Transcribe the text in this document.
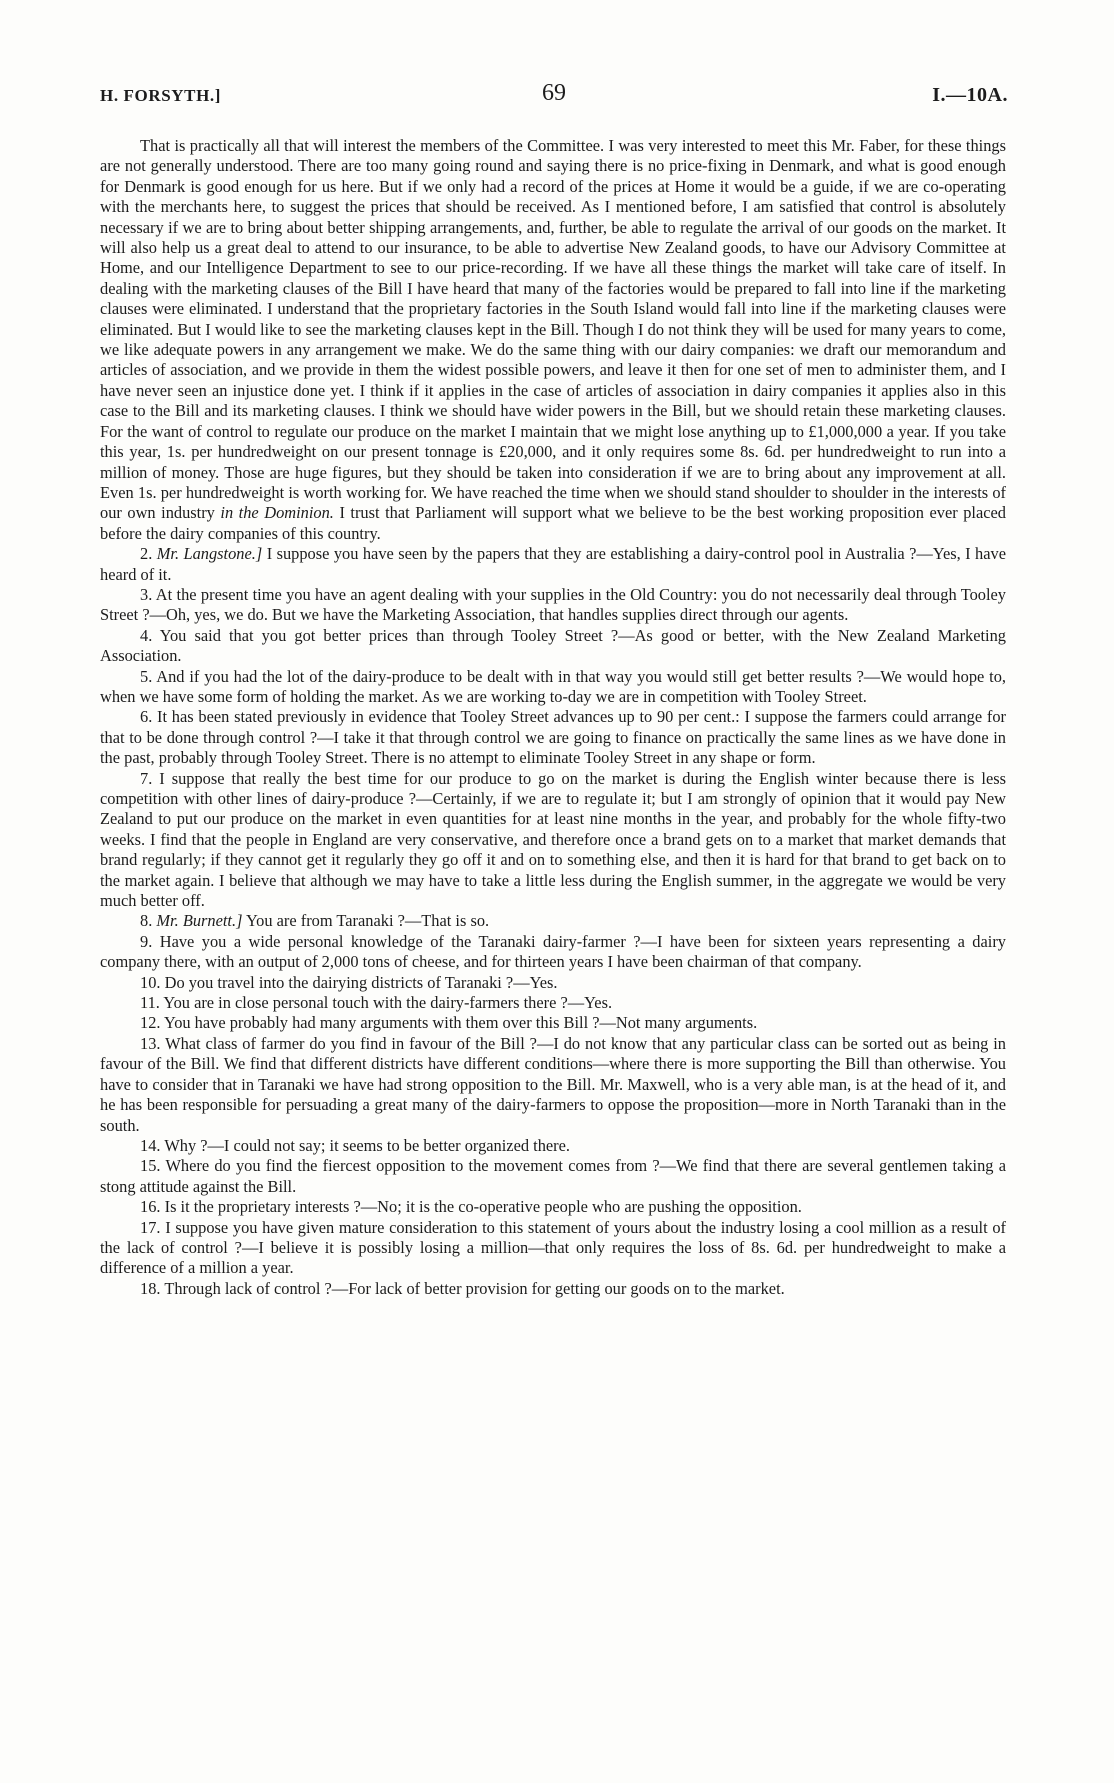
H. FORSYTH.]	69	I.—10A.

That is practically all that will interest the members of the Committee. I was very interested to meet this Mr. Faber, for these things are not generally understood. There are too many going round and saying there is no price-fixing in Denmark, and what is good enough for Denmark is good enough for us here. But if we only had a record of the prices at Home it would be a guide, if we are co-operating with the merchants here, to suggest the prices that should be received. As I mentioned before, I am satisfied that control is absolutely necessary if we are to bring about better shipping arrangements, and, further, be able to regulate the arrival of our goods on the market. It will also help us a great deal to attend to our insurance, to be able to advertise New Zealand goods, to have our Advisory Committee at Home, and our Intelligence Department to see to our price-recording. If we have all these things the market will take care of itself. In dealing with the marketing clauses of the Bill I have heard that many of the factories would be prepared to fall into line if the marketing clauses were eliminated. I understand that the proprietary factories in the South Island would fall into line if the marketing clauses were eliminated. But I would like to see the marketing clauses kept in the Bill. Though I do not think they will be used for many years to come, we like adequate powers in any arrangement we make. We do the same thing with our dairy companies: we draft our memorandum and articles of association, and we provide in them the widest possible powers, and leave it then for one set of men to administer them, and I have never seen an injustice done yet. I think if it applies in the case of articles of association in dairy companies it applies also in this case to the Bill and its marketing clauses. I think we should have wider powers in the Bill, but we should retain these marketing clauses. For the want of control to regulate our produce on the market I maintain that we might lose anything up to £1,000,000 a year. If you take this year, 1s. per hundredweight on our present tonnage is £20,000, and it only requires some 8s. 6d. per hundredweight to run into a million of money. Those are huge figures, but they should be taken into consideration if we are to bring about any improvement at all. Even 1s. per hundredweight is worth working for. We have reached the time when we should stand shoulder to shoulder in the interests of our own industry in the Dominion. I trust that Parliament will support what we believe to be the best working proposition ever placed before the dairy companies of this country.

2. Mr. Langstone.] I suppose you have seen by the papers that they are establishing a dairy-control pool in Australia ?—Yes, I have heard of it.

3. At the present time you have an agent dealing with your supplies in the Old Country: you do not necessarily deal through Tooley Street ?—Oh, yes, we do. But we have the Marketing Association, that handles supplies direct through our agents.

4. You said that you got better prices than through Tooley Street ?—As good or better, with the New Zealand Marketing Association.

5. And if you had the lot of the dairy-produce to be dealt with in that way you would still get better results ?—We would hope to, when we have some form of holding the market. As we are working to-day we are in competition with Tooley Street.

6. It has been stated previously in evidence that Tooley Street advances up to 90 per cent.: I suppose the farmers could arrange for that to be done through control ?—I take it that through control we are going to finance on practically the same lines as we have done in the past, probably through Tooley Street. There is no attempt to eliminate Tooley Street in any shape or form.

7. I suppose that really the best time for our produce to go on the market is during the English winter because there is less competition with other lines of dairy-produce ?—Certainly, if we are to regulate it; but I am strongly of opinion that it would pay New Zealand to put our produce on the market in even quantities for at least nine months in the year, and probably for the whole fifty-two weeks. I find that the people in England are very conservative, and therefore once a brand gets on to a market that market demands that brand regularly; if they cannot get it regularly they go off it and on to something else, and then it is hard for that brand to get back on to the market again. I believe that although we may have to take a little less during the English summer, in the aggregate we would be very much better off.

8. Mr. Burnett.] You are from Taranaki ?—That is so.

9. Have you a wide personal knowledge of the Taranaki dairy-farmer ?—I have been for sixteen years representing a dairy company there, with an output of 2,000 tons of cheese, and for thirteen years I have been chairman of that company.

10. Do you travel into the dairying districts of Taranaki ?—Yes.

11. You are in close personal touch with the dairy-farmers there ?—Yes.

12. You have probably had many arguments with them over this Bill ?—Not many arguments.

13. What class of farmer do you find in favour of the Bill ?—I do not know that any particular class can be sorted out as being in favour of the Bill. We find that different districts have different conditions—where there is more supporting the Bill than otherwise. You have to consider that in Taranaki we have had strong opposition to the Bill. Mr. Maxwell, who is a very able man, is at the head of it, and he has been responsible for persuading a great many of the dairy-farmers to oppose the proposition—more in North Taranaki than in the south.

14. Why ?—I could not say; it seems to be better organized there.

15. Where do you find the fiercest opposition to the movement comes from ?—We find that there are several gentlemen taking a stong attitude against the Bill.

16. Is it the proprietary interests ?—No; it is the co-operative people who are pushing the opposition.

17. I suppose you have given mature consideration to this statement of yours about the industry losing a cool million as a result of the lack of control ?—I believe it is possibly losing a million—that only requires the loss of 8s. 6d. per hundredweight to make a difference of a million a year.

18. Through lack of control ?—For lack of better provision for getting our goods on to the market.
